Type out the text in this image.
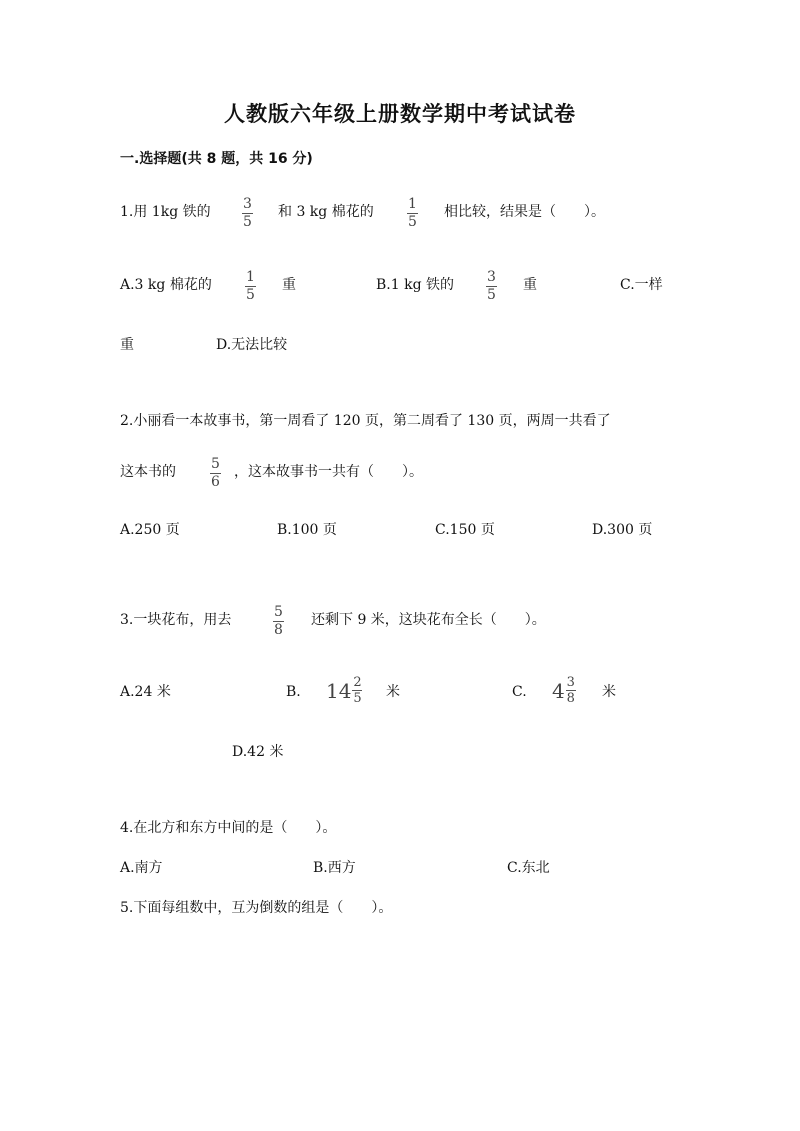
人教版六年级上册数学期中考试试卷
一.选择题(共 8 题，共 16 分)
1.用 1kg 铁的 3
5
和 3 kg 棉花的 1
5
相比较，结果是（　　）。
A.3 kg 棉花的 1
5
重	B.1 kg 铁的 3
5
重	C.一样
重	D.无法比较
2.小丽看一本故事书，第一周看了 120 页，第二周看了 130 页，两周一共看了
这本书的	5
6
，这本故事书一共有（　　）。
A.250 页	B.100 页	C.150 页	D.300 页
3.一块花布，用去	5
8
还剩下 9 米，这块花布全长（　　）。
A.24 米	B. 14 2
5 米	C. 4 3
8 米
D.42 米
4.在北方和东方中间的是（　　）。
A.南方	B.西方	C.东北
5.下面每组数中，互为倒数的组是（　　）。
